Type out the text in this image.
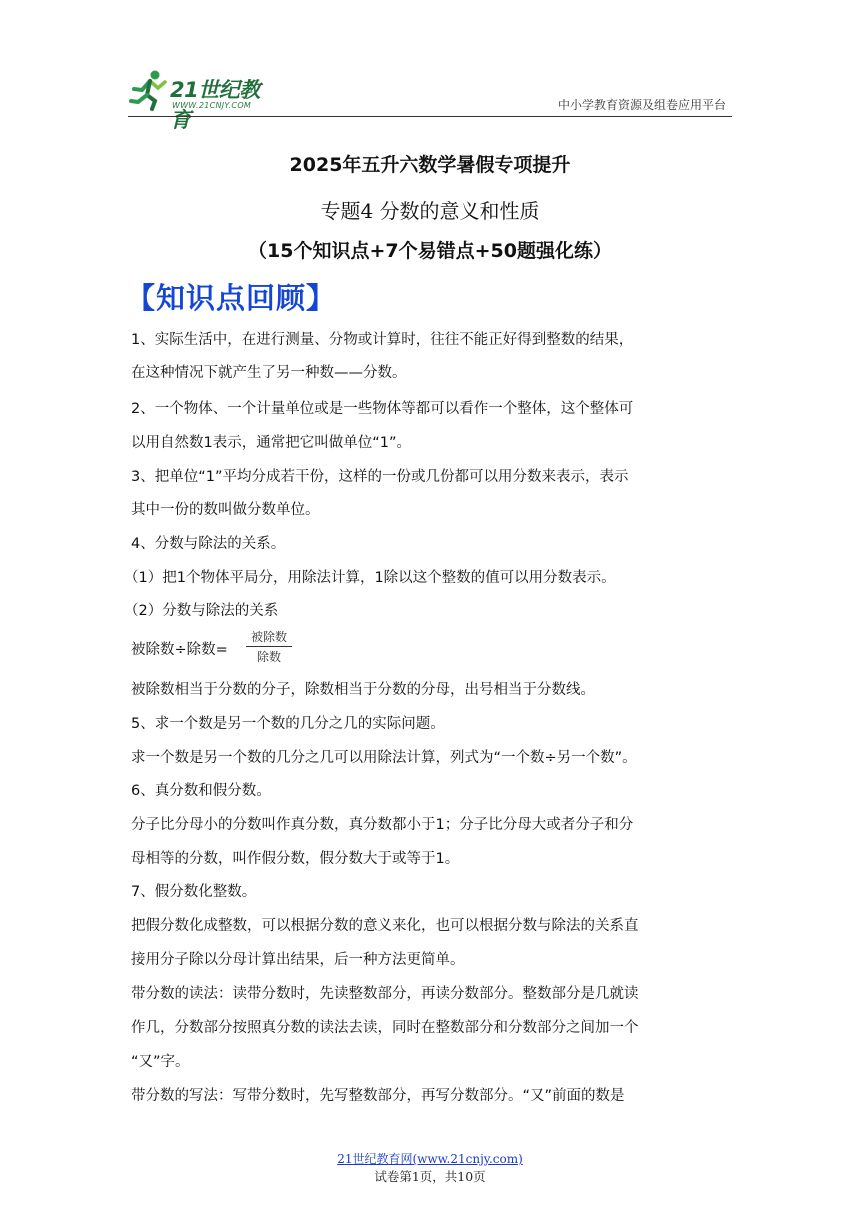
21世纪教育
WWW.21CNJY.COM	中小学教育资源及组卷应用平台
2025年五升六数学暑假专项提升
专题4 分数的意义和性质
（15个知识点+7个易错点+50题强化练）
【知识点回顾】
1、实际生活中，在进行测量、分物或计算时，往往不能正好得到整数的结果，
在这种情况下就产生了另一种数——分数。
2、一个物体、一个计量单位或是一些物体等都可以看作一个整体，这个整体可
以用自然数1表示，通常把它叫做单位“1”。
3、把单位“1”平均分成若干份，这样的一份或几份都可以用分数来表示，表示
其中一份的数叫做分数单位。
4、分数与除法的关系。
（1）把1个物体平局分，用除法计算，1除以这个整数的值可以用分数表示。
（2）分数与除法的关系
被除数÷除数=
被除数
除数
被除数相当于分数的分子，除数相当于分数的分母，出号相当于分数线。
5、求一个数是另一个数的几分之几的实际问题。
求一个数是另一个数的几分之几可以用除法计算，列式为“一个数÷另一个数”。
6、真分数和假分数。
分子比分母小的分数叫作真分数，真分数都小于1；分子比分母大或者分子和分
母相等的分数，叫作假分数，假分数大于或等于1。
7、假分数化整数。
把假分数化成整数，可以根据分数的意义来化，也可以根据分数与除法的关系直
接用分子除以分母计算出结果，后一种方法更简单。
带分数的读法：读带分数时，先读整数部分，再读分数部分。整数部分是几就读
作几，分数部分按照真分数的读法去读，同时在整数部分和分数部分之间加一个
“又”字。
带分数的写法：写带分数时，先写整数部分，再写分数部分。“又”前面的数是
21世纪教育网(www.21cnjy.com)
试卷第1页，共10页
